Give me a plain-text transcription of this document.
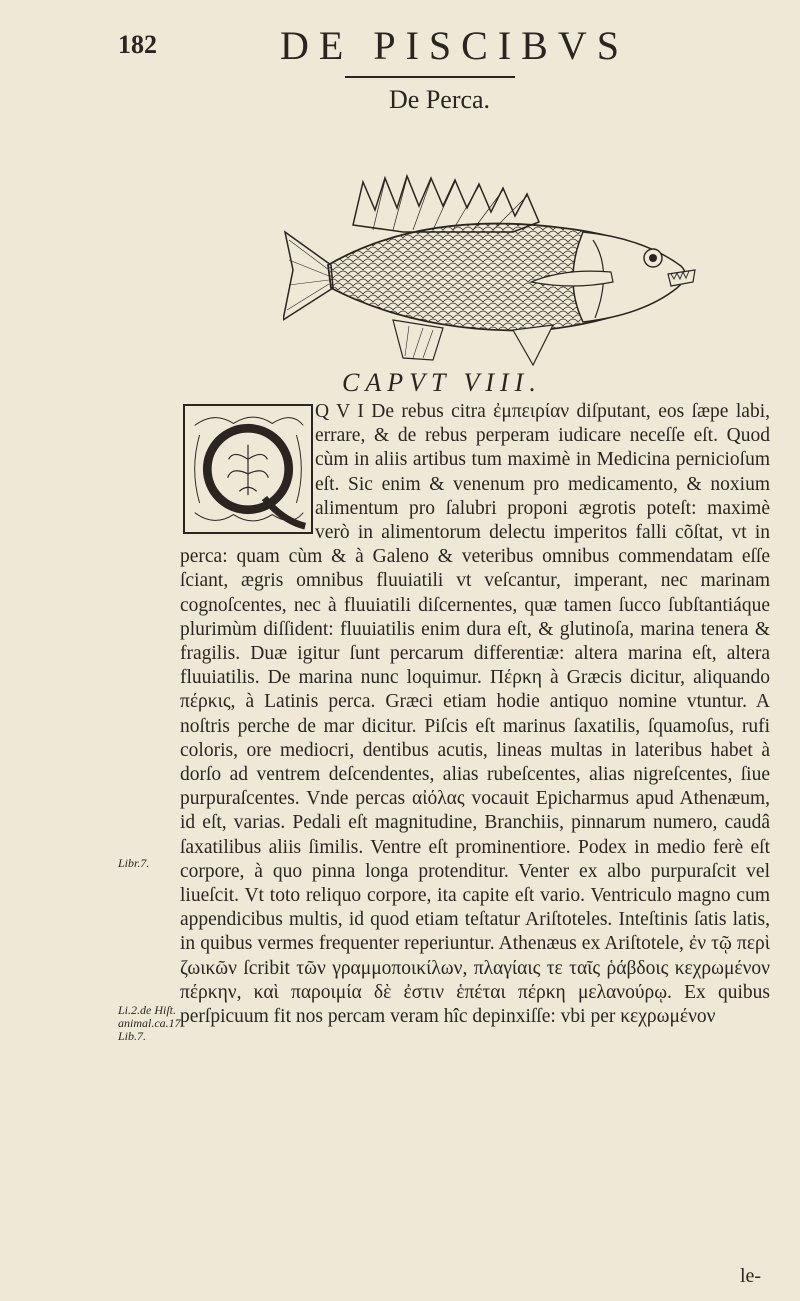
182	DE PISCIBVS
De Perca.
CAPVT VIII.

Q V I De rebus citra ἐμπειρίαν diſputant, eos ſæpe labi, errare, & de rebus perperam iudicare neceſſe eſt. Quod cùm in aliis artibus tum maximè in Medicina pernicioſum eſt. Sic enim & venenum pro medicamento, & noxium alimentum pro ſalubri proponi ægrotis poteſt: maximè verò in alimentorum delectu imperitos falli cõſtat, vt in perca: quam cùm & à Galeno & veteribus omnibus commendatam eſſe ſciant, ægris omnibus fluuiatili vt veſcantur, imperant, nec marinam cognoſcentes, nec à fluuiatili diſcernentes, quæ tamen ſucco ſubſtantiáque plurimùm diſſident: fluuiatilis enim dura eſt, & glutinoſa, marina tenera & fragilis. Duæ igitur ſunt percarum differentiæ: altera marina eſt, altera fluuiatilis. De marina nunc loquimur. Πέρκη à Græcis dicitur, aliquando πέρκις, à Latinis perca. Græci etiam hodie antiquo nomine vtuntur. A noſtris perche de mar dicitur. Piſcis eſt marinus ſaxatilis, ſquamoſus, rufi coloris, ore mediocri, dentibus acutis, lineas multas in lateribus habet à dorſo ad ventrem deſcendentes, alias rubeſcentes, alias nigreſcentes, ſiue purpuraſcentes. Vnde percas αἰόλας vocauit Epicharmus apud Athenæum, id eſt, varias. Pedali eſt magnitudine, Branchiis, pinnarum numero, caudâ ſaxatilibus aliis ſimilis. Ventre eſt prominentiore. Podex in medio ferè eſt corpore, à quo pinna longa protenditur. Venter ex albo purpuraſcit vel liueſcit. Vt toto reliquo corpore, ita capite eſt vario. Ventriculo magno cum appendicibus multis, id quod etiam teſtatur Ariſtoteles. Inteſtinis ſatis latis, in quibus vermes frequenter reperiuntur. Athenæus ex Ariſtotele, ἐν τῷ περὶ ζωικῶν ſcribit τῶν γραμμοποικίλων, πλαγίαις τε ταῖς ῥάβδοις κεχρωμένον πέρκην, καὶ παροιμία δὲ ἐστιν ἑπέται πέρκη μελανούρῳ. Ex quibus perſpicuum fit nos percam veram hîc depinxiſſe: vbi per κεχρωμένον

Libr.7.
Li.2.de Hiſt.
animal.ca.17.
Lib.7.
le-
